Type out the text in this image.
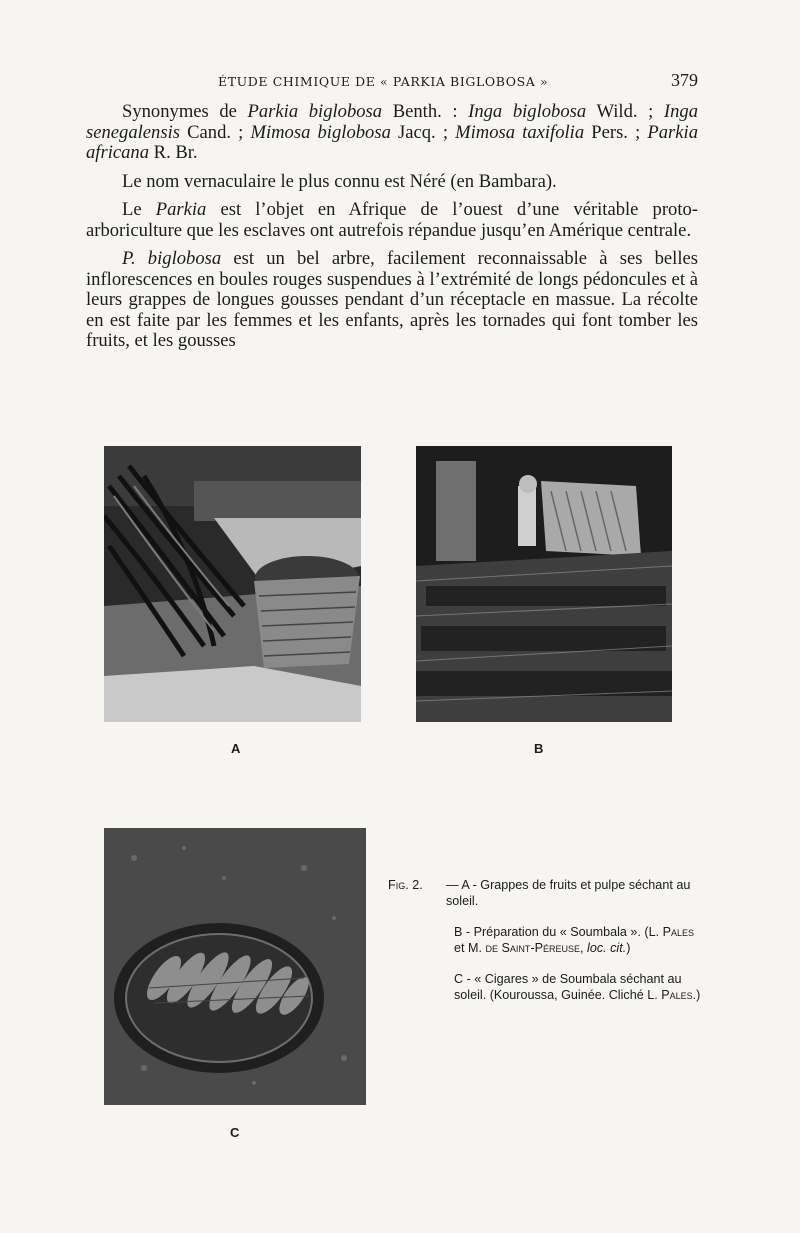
ÉTUDE CHIMIQUE DE « PARKIA BIGLOBOSA »	379

Synonymes de Parkia biglobosa Benth. : Inga biglobosa Wild. ; Inga senegalensis Cand. ; Mimosa biglobosa Jacq. ; Mimosa taxifolia Pers. ; Parkia africana R. Br.

Le nom vernaculaire le plus connu est Néré (en Bambara).

Le Parkia est l’objet en Afrique de l’ouest d’une véritable proto-arboriculture que les esclaves ont autrefois répandue jusqu’en Amérique centrale.

P. biglobosa est un bel arbre, facilement reconnaissable à ses belles inflorescences en boules rouges suspendues à l’extrémité de longs pédoncules et à leurs grappes de longues gousses pendant d’un réceptacle en massue. La récolte en est faite par les femmes et les enfants, après les tornades qui font tomber les fruits, et les gousses

A	B
C
Fig. 2.	— A - Grappes de fruits et pulpe séchant au soleil.
B - Préparation du « Soumbala ». (L. Pales et M. de Saint-Péreuse, loc. cit.)
C - « Cigares » de Soumbala séchant au soleil. (Kouroussa, Guinée. Cliché L. Pales.)
